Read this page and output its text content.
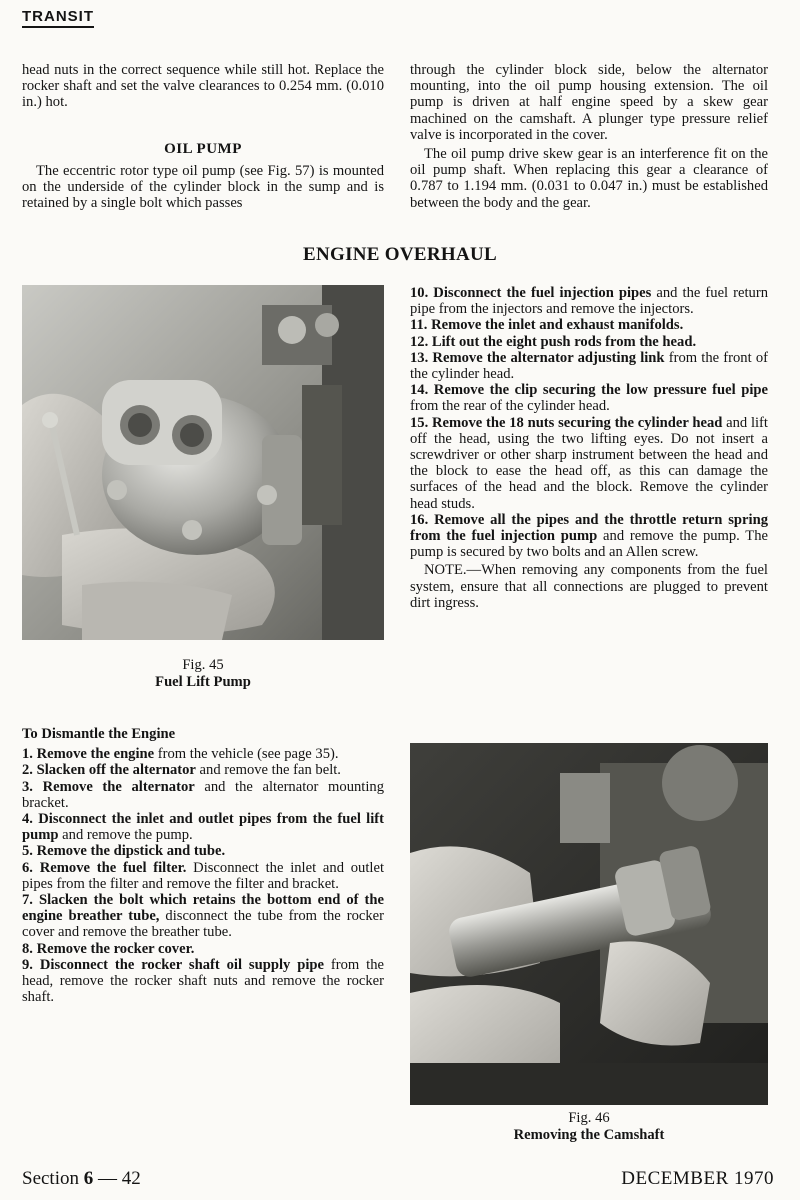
TRANSIT

head nuts in the correct sequence while still hot. Replace the rocker shaft and set the valve clearances to 0.254 mm. (0.010 in.) hot.

OIL PUMP

The eccentric rotor type oil pump (see Fig. 57) is mounted on the underside of the cylinder block in the sump and is retained by a single bolt which passes

through the cylinder block side, below the alternator mounting, into the oil pump housing extension. The oil pump is driven at half engine speed by a skew gear machined on the camshaft. A plunger type pressure relief valve is incorporated in the cover.

The oil pump drive skew gear is an interference fit on the oil pump shaft. When replacing this gear a clearance of 0.787 to 1.194 mm. (0.031 to 0.047 in.) must be established between the body and the gear.

ENGINE OVERHAUL
Fig. 45
Fuel Lift Pump
To Dismantle the Engine

1. Remove the engine from the vehicle (see page 35).

2. Slacken off the alternator and remove the fan belt.

3. Remove the alternator and the alternator mounting bracket.

4. Disconnect the inlet and outlet pipes from the fuel lift pump and remove the pump.

5. Remove the dipstick and tube.

6. Remove the fuel filter. Disconnect the inlet and outlet pipes from the filter and remove the filter and bracket.

7. Slacken the bolt which retains the bottom end of the engine breather tube, disconnect the tube from the rocker cover and remove the breather tube.

8. Remove the rocker cover.

9. Disconnect the rocker shaft oil supply pipe from the head, remove the rocker shaft nuts and remove the rocker shaft.

10. Disconnect the fuel injection pipes and the fuel return pipe from the injectors and remove the injectors.

11. Remove the inlet and exhaust manifolds.

12. Lift out the eight push rods from the head.

13. Remove the alternator adjusting link from the front of the cylinder head.

14. Remove the clip securing the low pressure fuel pipe from the rear of the cylinder head.

15. Remove the 18 nuts securing the cylinder head and lift off the head, using the two lifting eyes. Do not insert a screwdriver or other sharp instrument between the head and the block to ease the head off, as this can damage the surfaces of the head and the block. Remove the cylinder head studs.

16. Remove all the pipes and the throttle return spring from the fuel injection pump and remove the pump. The pump is secured by two bolts and an Allen screw.

NOTE.—When removing any components from the fuel system, ensure that all connections are plugged to prevent dirt ingress.

Fig. 46
Removing the Camshaft
Section 6 — 42	DECEMBER 1970
